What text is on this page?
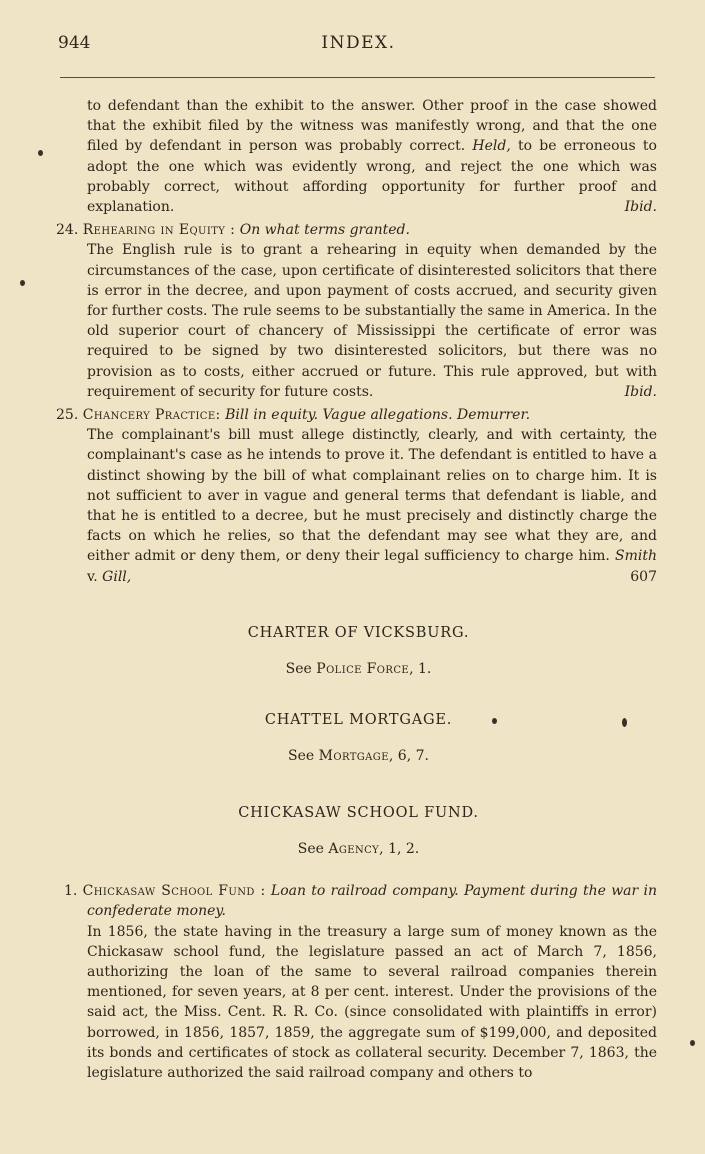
944	INDEX.
to defendant than the exhibit to the answer. Other proof in the case showed that the exhibit filed by the witness was manifestly wrong, and that the one filed by defendant in person was probably correct. Held, to be erroneous to adopt the one which was evidently wrong, and reject the one which was probably correct, without affording opportunity for further proof and explanation.	Ibid.
24. Rehearing in Equity : On what terms granted.
The English rule is to grant a rehearing in equity when demanded by the circumstances of the case, upon certificate of disinterested solicitors that there is error in the decree, and upon payment of costs accrued, and security given for further costs. The rule seems to be substantially the same in America. In the old superior court of chancery of Mississippi the certificate of error was required to be signed by two disinterested solicitors, but there was no provision as to costs, either accrued or future. This rule approved, but with requirement of security for future costs.	Ibid.
25. Chancery Practice: Bill in equity. Vague allegations. Demurrer.
The complainant's bill must allege distinctly, clearly, and with certainty, the complainant's case as he intends to prove it. The defendant is entitled to have a distinct showing by the bill of what complainant relies on to charge him. It is not sufficient to aver in vague and general terms that defendant is liable, and that he is entitled to a decree, but he must precisely and distinctly charge the facts on which he relies, so that the defendant may see what they are, and either admit or deny them, or deny their legal sufficiency to charge him. Smith v. Gill,	607
CHARTER OF VICKSBURG.
See Police Force, 1.
CHATTEL MORTGAGE.
See Mortgage, 6, 7.
CHICKASAW SCHOOL FUND.
See Agency, 1, 2.
1. Chickasaw School Fund : Loan to railroad company. Payment during the war in confederate money.
In 1856, the state having in the treasury a large sum of money known as the Chickasaw school fund, the legislature passed an act of March 7, 1856, authorizing the loan of the same to several railroad companies therein mentioned, for seven years, at 8 per cent. interest. Under the provisions of the said act, the Miss. Cent. R. R. Co. (since consolidated with plaintiffs in error) borrowed, in 1856, 1857, 1859, the aggregate sum of $199,000, and deposited its bonds and certificates of stock as collateral security. December 7, 1863, the legislature authorized the said railroad company and others to
